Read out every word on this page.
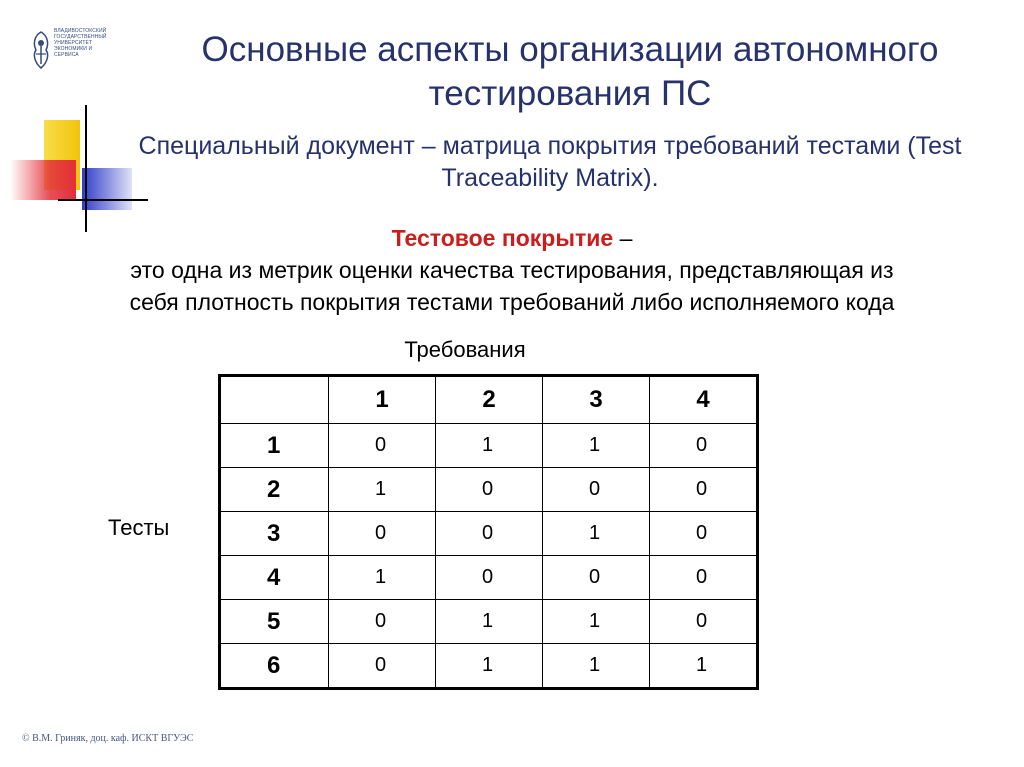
ВЛАДИВОСТОКСКИЙ
ГОСУДАРСТВЕННЫЙ
УНИВЕРСИТЕТ
ЭКОНОМИКИ И
СЕРВИСА	Основные аспекты организации автономного тестирования ПС
Специальный документ – матрица покрытия требований тестами (Test Traceability Matrix).
Тестовое покрытие –
это одна из метрик оценки качества тестирования, представляющая из
себя плотность покрытия тестами требований либо исполняемого кода
Требования
Тесты
	1	2	3	4
1	0	1	1	0
2	1	0	0	0
3	0	0	1	0
4	1	0	0	0
5	0	1	1	0
6	0	1	1	1
© В.М. Гриняк, доц. каф. ИСКТ ВГУЭС
